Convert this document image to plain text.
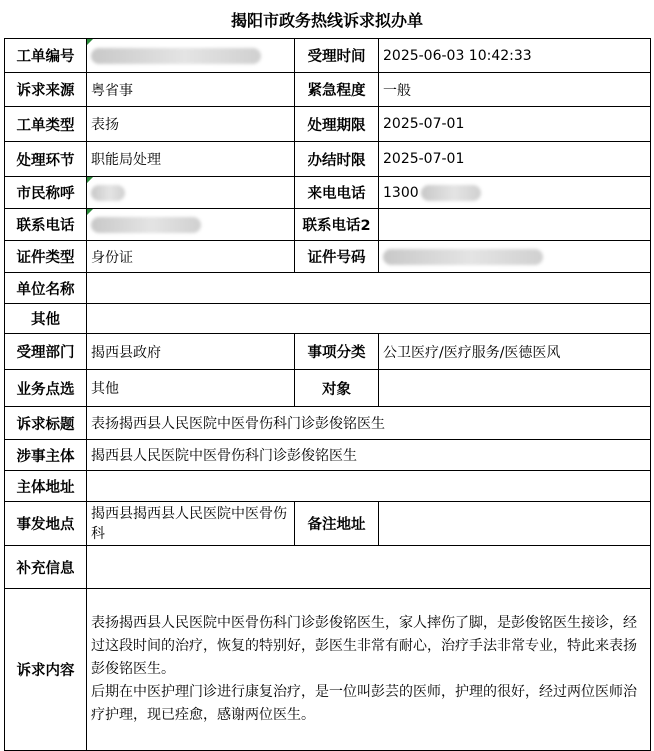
揭阳市政务热线诉求拟办单
工单编号		受理时间	2025-06-03 10:42:33
诉求来源	粤省事	紧急程度	一般
工单类型	表扬	处理期限	2025-07-01
处理环节	职能局处理	办结时限	2025-07-01
市民称呼		来电电话	1300
联系电话		联系电话2	
证件类型	身份证	证件号码	
单位名称			
其他			
受理部门	揭西县政府	事项分类	公卫医疗/医疗服务/医德医风
业务点选	其他	对象	
诉求标题	表扬揭西县人民医院中医骨伤科门诊彭俊铭医生		
涉事主体	揭西县人民医院中医骨伤科门诊彭俊铭医生		
主体地址			
事发地点	揭西县揭西县人民医院中医骨伤科	备注地址	
补充信息			
诉求内容	表扬揭西县人民医院中医骨伤科门诊彭俊铭医生，家人摔伤了脚，是彭俊铭医生接诊，经过这段时间的治疗，恢复的特别好，彭医生非常有耐心，治疗手法非常专业，特此来表扬彭俊铭医生。

后期在中医护理门诊进行康复治疗，是一位叫彭芸的医师，护理的很好，经过两位医师治疗护理，现已痊愈，感谢两位医生。		
